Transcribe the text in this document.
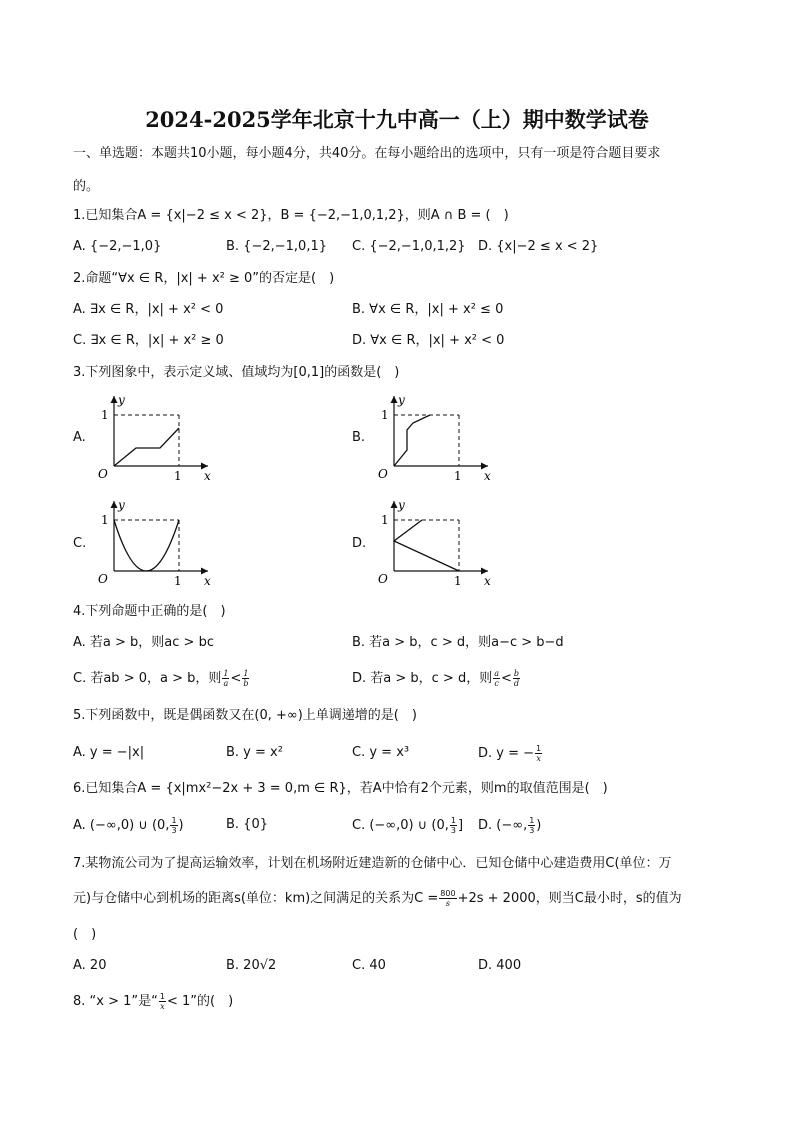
2024-2025学年北京十九中高一（上）期中数学试卷
一、单选题：本题共10小题，每小题4分，共40分。在每小题给出的选项中，只有一项是符合题目要求
的。
1.已知集合A = {x|−2 ≤ x < 2}，B = {−2,−1,0,1,2}，则A ∩ B = (　)
A. {−2,−1,0}	B. {−2,−1,0,1} C. {−2,−1,0,1,2} D. {x|−2 ≤ x < 2}
2.命题“∀x ∈ R，|x| + x² ≥ 0”的否定是(　)
A. ∃x ∈ R，|x| + x² < 0	B. ∀x ∈ R，|x| + x² ≤ 0
C. ∃x ∈ R，|x| + x² ≥ 0	D. ∀x ∈ R，|x| + x² < 0
3.下列图象中，表示定义域、值域均为[0,1]的函数是(　)
A.	B.
C.	D.
y
1
O	1 x
y
1
O	1 x
y
1
O	1 x
y
1
O	1 x
4.下列命题中正确的是(　)
A. 若a > b，则ac > bc	B. 若a > b，c > d，则a−c > b−d
C. 若ab > 0，a > b，则 $\frac{1}{a} < \frac{1}{b}$	D. 若a > b，c > d，则 $\frac{a}{c} < \frac{b}{d}$
5.下列函数中，既是偶函数又在(0, +∞)上单调递增的是(　)
A. y = −|x|	B. y = x²	C. y = x³	D. y = − $\frac{1}{x}$
6.已知集合A = {x|mx²−2x + 3 = 0,m ∈ R}，若A中恰有2个元素，则m的取值范围是(　)
A. (−∞,0) ∪ (0, $\frac{1}{3}$ )	B. {0}	C. (−∞,0) ∪ (0, $\frac{1}{3}$ ] D. (−∞, $\frac{1}{3}$ )
7.某物流公司为了提高运输效率，计划在机场附近建造新的仓储中心．已知仓储中心建造费用C(单位：万
元)与仓储中心到机场的距离s(单位：km)之间满足的关系为$C = \frac{800}{s} +2s + 2000$，则当C最小时，s的值为
(　)
A. 20	B. 20√2	C. 40	D. 400
8. “x > 1”是“ $\frac{1}{x} < 1$”的(　)
